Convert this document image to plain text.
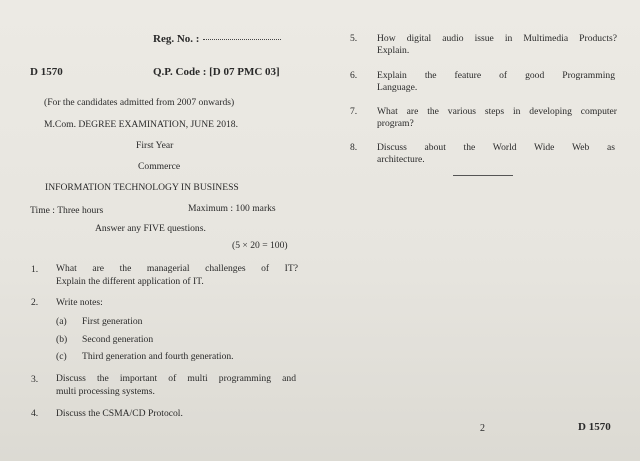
Reg. No. :
D 1570	Q.P. Code : [D 07 PMC 03]
(For the candidates admitted from 2007 onwards)
M.Com. DEGREE EXAMINATION, JUNE 2018.
First Year
Commerce
INFORMATION TECHNOLOGY IN BUSINESS
Time : Three hours	Maximum : 100 marks
Answer any FIVE questions.
(5 × 20 = 100)
1. What are the managerial challenges of IT?
Explain the different application of IT.
2. Write notes:
(a) First generation
(b) Second generation
(c) Third generation and fourth generation.
3. Discuss the important of multi programming and
multi processing systems.
4. Discuss the CSMA/CD Protocol.
5. How digital audio issue in Multimedia Products?
Explain.
6. Explain the feature of good Programming
Language.
7. What are the various steps in developing computer
program?
8. Discuss about the World Wide Web as
architecture.
2	D 1570
